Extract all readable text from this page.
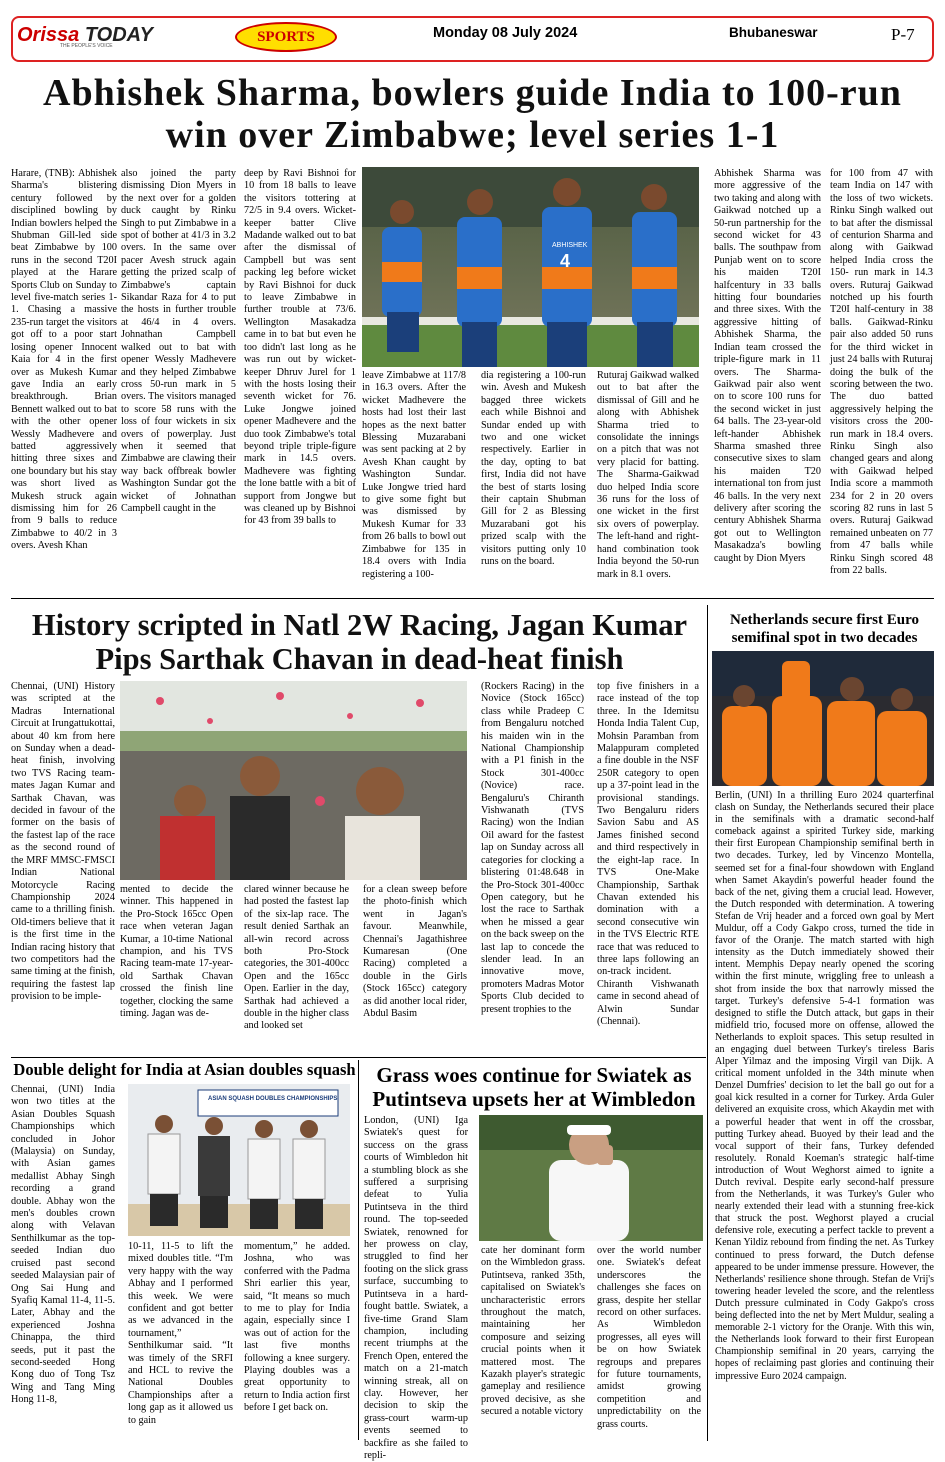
Orissa TODAY
THE PEOPLE'S VOICE
SPORTS	Monday 08 July 2024	Bhubaneswar	P-7
Abhishek Sharma, bowlers guide India to 100-run win over Zimbabwe; level series 1-1
Harare, (TNB): Abhishek Sharma's blistering century followed by disciplined bowling by Indian bowlers helped the Shubman Gill-led side beat Zimbabwe by 100 runs in the second T20I played at the Harare Sports Club on Sunday to level five-match series 1-1. Chasing a massive 235-run target the visitors got off to a poor start losing opener Innocent Kaia for 4 in the first over as Mukesh Kumar gave India an early breakthrough. Brian Bennett walked out to bat with the other opener Wessly Madhevere and batted aggressively hitting three sixes and one boundary but his stay was short lived as Mukesh struck again dismissing him for 26 from 9 balls to reduce Zimbabwe to 40/2 in 3 overs. Avesh Khan
also joined the party dismissing Dion Myers in the next over for a golden duck caught by Rinku Singh to put Zimbabwe in a spot of bother at 41/3 in 3.2 overs. In the same over pacer Avesh struck again getting the prized scalp of Zimbabwe's captain Sikandar Raza for 4 to put the hosts in further trouble at 46/4 in 4 overs. Johnathan Campbell walked out to bat with opener Wessly Madhevere and they helped Zimbabwe cross 50-run mark in 5 overs. The visitors managed to score 58 runs with the loss of four wickets in six overs of powerplay. Just when it seemed that Zimbabwe are clawing their way back offbreak bowler Washington Sundar got the wicket of Johnathan Campbell caught in the
deep by Ravi Bishnoi for 10 from 18 balls to leave the visitors tottering at 72/5 in 9.4 overs. Wicket-keeper batter Clive Madande walked out to bat after the dismissal of Campbell but was sent packing leg before wicket by Ravi Bishnoi for duck to leave Zimbabwe in further trouble at 73/6. Wellington Masakadza came in to bat but even he too didn't last long as he was run out by wicket-keeper Dhruv Jurel for 1 with the hosts losing their seventh wicket for 76. Luke Jongwe joined opener Madhevere and the duo took Zimbabwe's total beyond triple triple-figure mark in 14.5 overs. Madhevere was fighting the lone battle with a bit of support from Jongwe but was cleaned up by Bishnoi for 43 from 39 balls to
ABHISHEK
4
leave Zimbabwe at 117/8 in 16.3 overs. After the wicket Madhevere the hosts had lost their last hopes as the next batter Blessing Muzarabani was sent packing at 2 by Avesh Khan caught by Washington Sundar. Luke Jongwe tried hard to give some fight but was dismissed by Mukesh Kumar for 33 from 26 balls to bowl out Zimbabwe for 135 in 18.4 overs with India registering a 100-
dia registering a 100-run win. Avesh and Mukesh bagged three wickets each while Bishnoi and Sundar ended up with two and one wicket respectively. Earlier in the day, opting to bat first, India did not have the best of starts losing their captain Shubman Gill for 2 as Blessing Muzarabani got his prized scalp with the visitors putting only 10 runs on the board.
Ruturaj Gaikwad walked out to bat after the dismissal of Gill and he along with Abhishek Sharma tried to consolidate the innings on a pitch that was not very placid for batting. The Sharma-Gaikwad duo helped India score 36 runs for the loss of one wicket in the first six overs of powerplay. The left-hand and right-hand combination took India beyond the 50-run mark in 8.1 overs.
Abhishek Sharma was more aggressive of the two taking and along with Gaikwad notched up a 50-run partnership for the second wicket for 43 balls. The southpaw from Punjab went on to score his maiden T20I halfcentury in 33 balls hitting four boundaries and three sixes. With the aggressive hitting of Abhishek Sharma, the Indian team crossed the triple-figure mark in 11 overs. The Sharma-Gaikwad pair also went on to score 100 runs for the second wicket in just 64 balls. The 23-year-old left-hander Abhishek Sharma smashed three consecutive sixes to slam his maiden T20 international ton from just 46 balls. In the very next delivery after scoring the century Abhishek Sharma got out to Wellington Masakadza's bowling caught by Dion Myers
for 100 from 47 with team India on 147 with the loss of two wickets. Rinku Singh walked out to bat after the dismissal of centurion Sharma and along with Gaikwad helped India cross the 150- run mark in 14.3 overs. Ruturaj Gaikwad notched up his fourth T20I half-century in 38 balls. Gaikwad-Rinku pair also added 50 runs for the third wicket in just 24 balls with Ruturaj doing the bulk of the scoring between the two. The duo batted aggressively helping the visitors cross the 200-run mark in 18.4 overs. Rinku Singh also changed gears and along with Gaikwad helped India score a mammoth 234 for 2 in 20 overs scoring 82 runs in last 5 overs. Ruturaj Gaikwad remained unbeaten on 77 from 47 balls while Rinku Singh scored 48 from 22 balls.
History scripted in Natl 2W Racing, Jagan Kumar Pips Sarthak Chavan in dead-heat finish
Chennai, (UNI) History was scripted at the Madras International Circuit at Irungattukottai, about 40 km from here on Sunday when a dead-heat finish, involving two TVS Racing team-mates Jagan Kumar and Sarthak Chavan, was decided in favour of the former on the basis of the fastest lap of the race as the second round of the MRF MMSC-FMSCI Indian National Motorcycle Racing Championship 2024 came to a thrilling finish. Old-timers believe that it is the first time in the Indian racing history that two competitors had the same timing at the finish, requiring the fastest lap provision to be imple-
mented to decide the winner. This happened in the Pro-Stock 165cc Open race when veteran Jagan Kumar, a 10-time National champion, and his TVS Racing team-mate 17-year-old Sarthak Chavan crossed the finish line together, clocking the same timing. Jagan was de-
clared winner because he had posted the fastest lap of the six-lap race. The result denied Sarthak an all-win record across both Pro-Stock categories, the 301-400cc Open and the 165cc Open. Earlier in the day, Sarthak had achieved a double in the higher class and looked set
for a clean sweep before the photo-finish which went in Jagan's favour.       Meanwhile, Chennai's Jagathishree Kumaresan (One Racing) completed a double in the Girls (Stock 165cc) category as did another local rider, Abdul Basim
(Rockers Racing) in the Novice (Stock 165cc) class while Pradeep C from Bengaluru notched his maiden win in the National Championship with a P1 finish in the Stock 301-400cc (Novice) race. Bengaluru's Chiranth Vishwanath (TVS Racing) won the Indian Oil award for the fastest lap on Sunday across all categories for clocking a blistering 01:48.648 in the Pro-Stock 301-400cc Open category, but he lost the race to Sarthak when he missed a gear on the back sweep on the last lap to concede the slender lead. In an innovative move, promoters Madras Motor Sports Club decided to present trophies to the
top five finishers in a race instead of the top three. In the Idemitsu Honda India Talent Cup, Mohsin Paramban from Malappuram completed a fine double in the NSF 250R category to open up a 37-point lead in the provisional standings. Two Bengaluru riders Savion Sabu and AS James finished second and third respectively in the eight-lap race. In TVS One-Make Championship, Sarthak Chavan extended his domination with a second consecutive win in the TVS Electric RTE race that was reduced to three laps following an on-track incident.       Chiranth Vishwanath came in second ahead of Alwin Sundar (Chennai).
Netherlands secure first Euro semifinal spot in two decades
Berlin, (UNI) In a thrilling Euro 2024 quarterfinal clash on Sunday, the Netherlands secured their place in the semifinals with a dramatic second-half comeback against a spirited Turkey side, marking their first European Championship semifinal berth in two decades. Turkey, led by Vincenzo Montella, seemed set for a final-four showdown with England when Samet Akaydin's powerful header found the back of the net, giving them a crucial lead. However, the Dutch responded with determination. A towering Stefan de Vrij header and a forced own goal by Mert Muldur, off a Cody Gakpo cross, turned the tide in favor of the Oranje. The match started with high intensity as the Dutch immediately showed their intent. Memphis Depay nearly opened the scoring within the first minute, wriggling free to unleash a shot from inside the box that narrowly missed the target. Turkey's defensive 5-4-1 formation was designed to stifle the Dutch attack, but gaps in their midfield trio, focused more on offense, allowed the Netherlands to exploit spaces. This setup resulted in an engaging duel between Turkey's tireless Baris Alper Yilmaz and the imposing Virgil van Dijk. A critical moment unfolded in the 34th minute when Denzel Dumfries' decision to let the ball go out for a goal kick resulted in a corner for Turkey. Arda Guler delivered an exquisite cross, which Akaydin met with a powerful header that went in off the crossbar, putting Turkey ahead. Buoyed by their lead and the vocal support of their fans, Turkey defended resolutely. Ronald Koeman's strategic half-time introduction of Wout Weghorst aimed to ignite a Dutch revival. Despite early second-half pressure from the Netherlands, it was Turkey's Guler who nearly extended their lead with a stunning free-kick that struck the post. Weghorst played a crucial defensive role, executing a perfect tackle to prevent a Kenan Yildiz rebound from finding the net. As Turkey continued to press forward, the Dutch defense appeared to be under immense pressure. However, the Netherlands' resilience shone through. Stefan de Vrij's towering header leveled the score, and the relentless Dutch pressure culminated in Cody Gakpo's cross being deflected into the net by Mert Muldur, sealing a memorable 2-1 victory for the Oranje. With this win, the Netherlands look forward to their first European Championship semifinal in 20 years, carrying the hopes of reclaiming past glories and continuing their impressive Euro 2024 campaign.
Double delight for India at Asian doubles squash
Chennai, (UNI) India won two titles at the Asian Doubles Squash Championships which concluded in Johor (Malaysia) on Sunday, with Asian games medallist Abhay Singh recording a grand double. Abhay won the men's doubles crown along with Velavan Senthilkumar as the top-seeded Indian duo cruised past second seeded Malaysian pair of Ong Sai Hung and Syafiq Kamal 11-4, 11-5. Later, Abhay and the experienced Joshna Chinappa, the third seeds, put it past the second-seeded Hong Kong duo of Tong Tsz Wing and Tang Ming Hong 11-8,
ASIAN SQUASH DOUBLES CHAMPIONSHIPS
10-11, 11-5 to lift the mixed doubles title. “I'm very happy with the way Abhay and I performed this week. We were confident and got better as we advanced in the tournament,” Senthilkumar said. “It was timely of the SRFI and HCL to revive the National Doubles Championships after a long gap as it allowed us to gain
momentum,” he added. Joshna, who was conferred with the Padma Shri earlier this year, said, “It means so much to me to play for India again, especially since I was out of action for the last five months following a knee surgery. Playing doubles was a great opportunity to return to India action first before I get back on.
Grass woes continue for Swiatek as Putintseva upsets her at Wimbledon
London, (UNI) Iga Swiatek's quest for success on the grass courts of Wimbledon hit a stumbling block as she suffered a surprising defeat to Yulia Putintseva in the third round. The top-seeded Swiatek, renowned for her prowess on clay, struggled to find her footing on the slick grass surface, succumbing to Putintseva in a hard-fought battle. Swiatek, a five-time Grand Slam champion, including recent triumphs at the French Open, entered the match on a 21-match winning streak, all on clay. However, her decision to skip the grass-court warm-up events seemed to backfire as she failed to repli-
cate her dominant form on the Wimbledon grass. Putintseva, ranked 35th, capitalised on Swiatek's uncharacteristic errors throughout the match, maintaining her composure and seizing crucial points when it mattered most. The Kazakh player's strategic gameplay and resilience proved decisive, as she secured a notable victory
over the world number one. Swiatek's defeat underscores the challenges she faces on grass, despite her stellar record on other surfaces. As Wimbledon progresses, all eyes will be on how Swiatek regroups and prepares for future tournaments, amidst growing competition and unpredictability on the grass courts.
